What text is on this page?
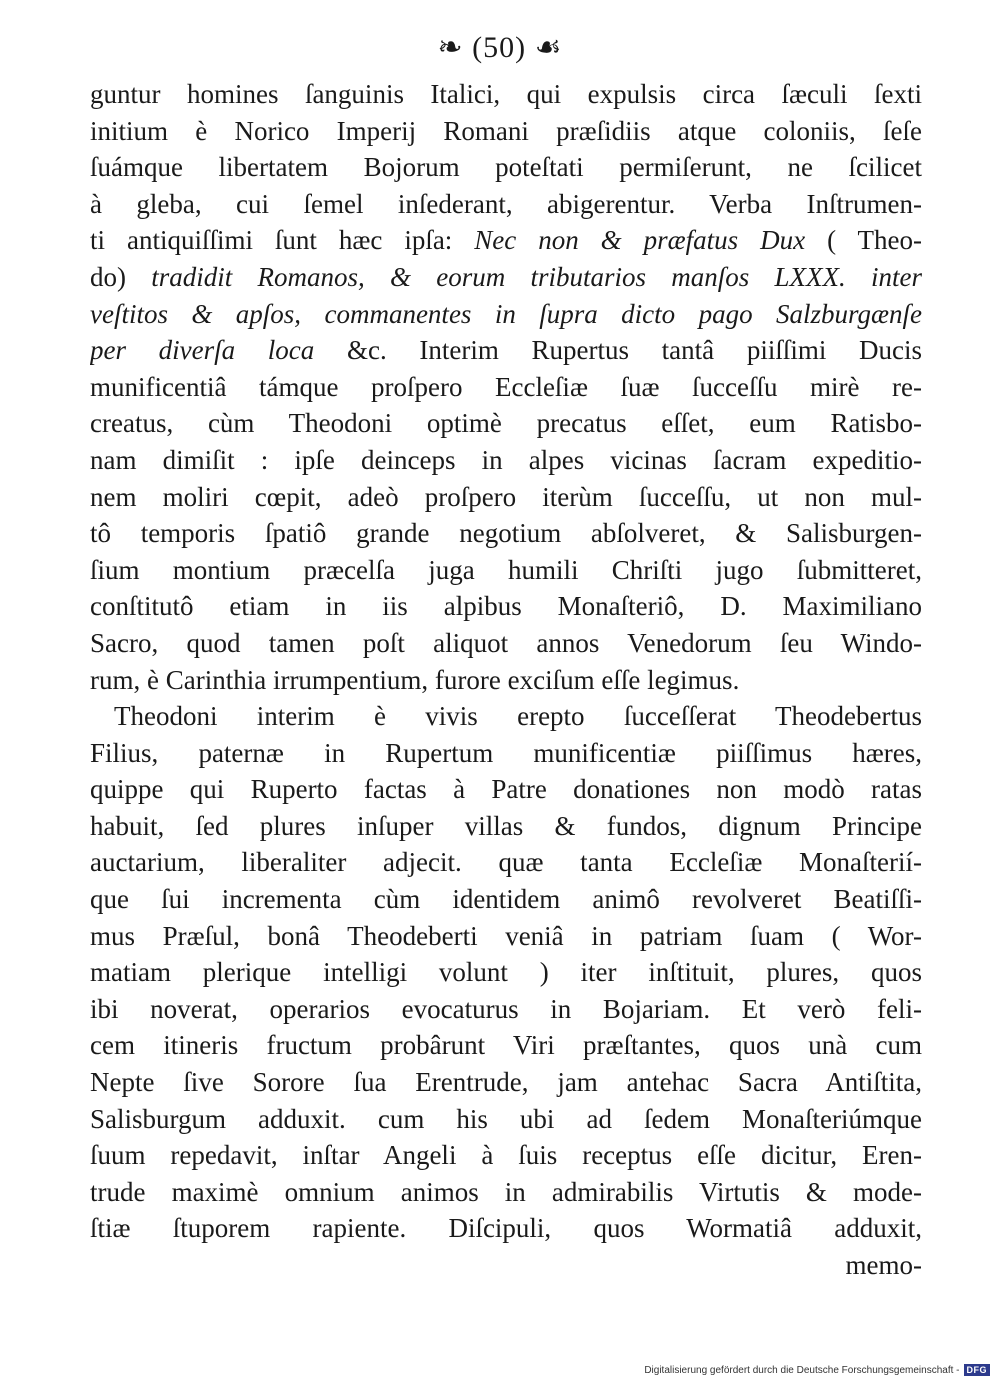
❧ (50) ☙
guntur homines ſanguinis Italici, qui expulsis circa ſæculi ſexti
initium è Norico Imperij Romani præſidiis atque coloniis, ſeſe
ſuámque libertatem Bojorum poteſtati permiſerunt, ne ſcilicet
à gleba, cui ſemel inſederant, abigerentur. Verba Inſtrumen-
ti antiquiſſimi ſunt hæc ipſa: Nec non & præfatus Dux ( Theo-
do) tradidit Romanos, & eorum tributarios manſos LXXX. inter
veſtitos & apſos, commanentes in ſupra dicto pago Salzburgænſe
per diverſa loca &c. Interim Rupertus tantâ piiſſimi Ducis
munificentiâ támque proſpero Eccleſiæ ſuæ ſucceſſu mirè re-
creatus, cùm Theodoni optimè precatus eſſet, eum Ratisbo-
nam dimiſit : ipſe deinceps in alpes vicinas ſacram expeditio-
nem moliri cœpit, adeò proſpero iterùm ſucceſſu, ut non mul-
tô temporis ſpatiô grande negotium abſolveret, & Salisburgen-
ſium montium præcelſa juga humili Chriſti jugo ſubmitteret,
conſtitutô etiam in iis alpibus Monaſteriô, D. Maximiliano
Sacro, quod tamen poſt aliquot annos Venedorum ſeu Windo-
rum, è Carinthia irrumpentium, furore exciſum eſſe legimus.
Theodoni interim è vivis erepto ſucceſſerat Theodebertus
Filius, paternæ in Rupertum munificentiæ piiſſimus hæres,
quippe qui Ruperto factas à Patre donationes non modò ratas
habuit, ſed plures inſuper villas & fundos, dignum Principe
auctarium, liberaliter adjecit. quæ tanta Eccleſiæ Monaſterií-
que ſui incrementa cùm identidem animô revolveret Beatiſſi-
mus Præſul, bonâ Theodeberti veniâ in patriam ſuam ( Wor-
matiam plerique intelligi volunt ) iter inſtituit, plures, quos
ibi noverat, operarios evocaturus in Bojariam. Et verò feli-
cem itineris fructum probârunt Viri præſtantes, quos unà cum
Nepte ſive Sorore ſua Erentrude, jam antehac Sacra Antiſtita,
Salisburgum adduxit. cum his ubi ad ſedem Monaſteriúmque
ſuum repedavit, inſtar Angeli à ſuis receptus eſſe dicitur, Eren-
trude maximè omnium animos in admirabilis Virtutis & mode-
ſtiæ ſtuporem rapiente. Diſcipuli, quos Wormatiâ adduxit,
memo-
Digitalisierung gefördert durch die Deutsche Forschungsgemeinschaft - DFG
